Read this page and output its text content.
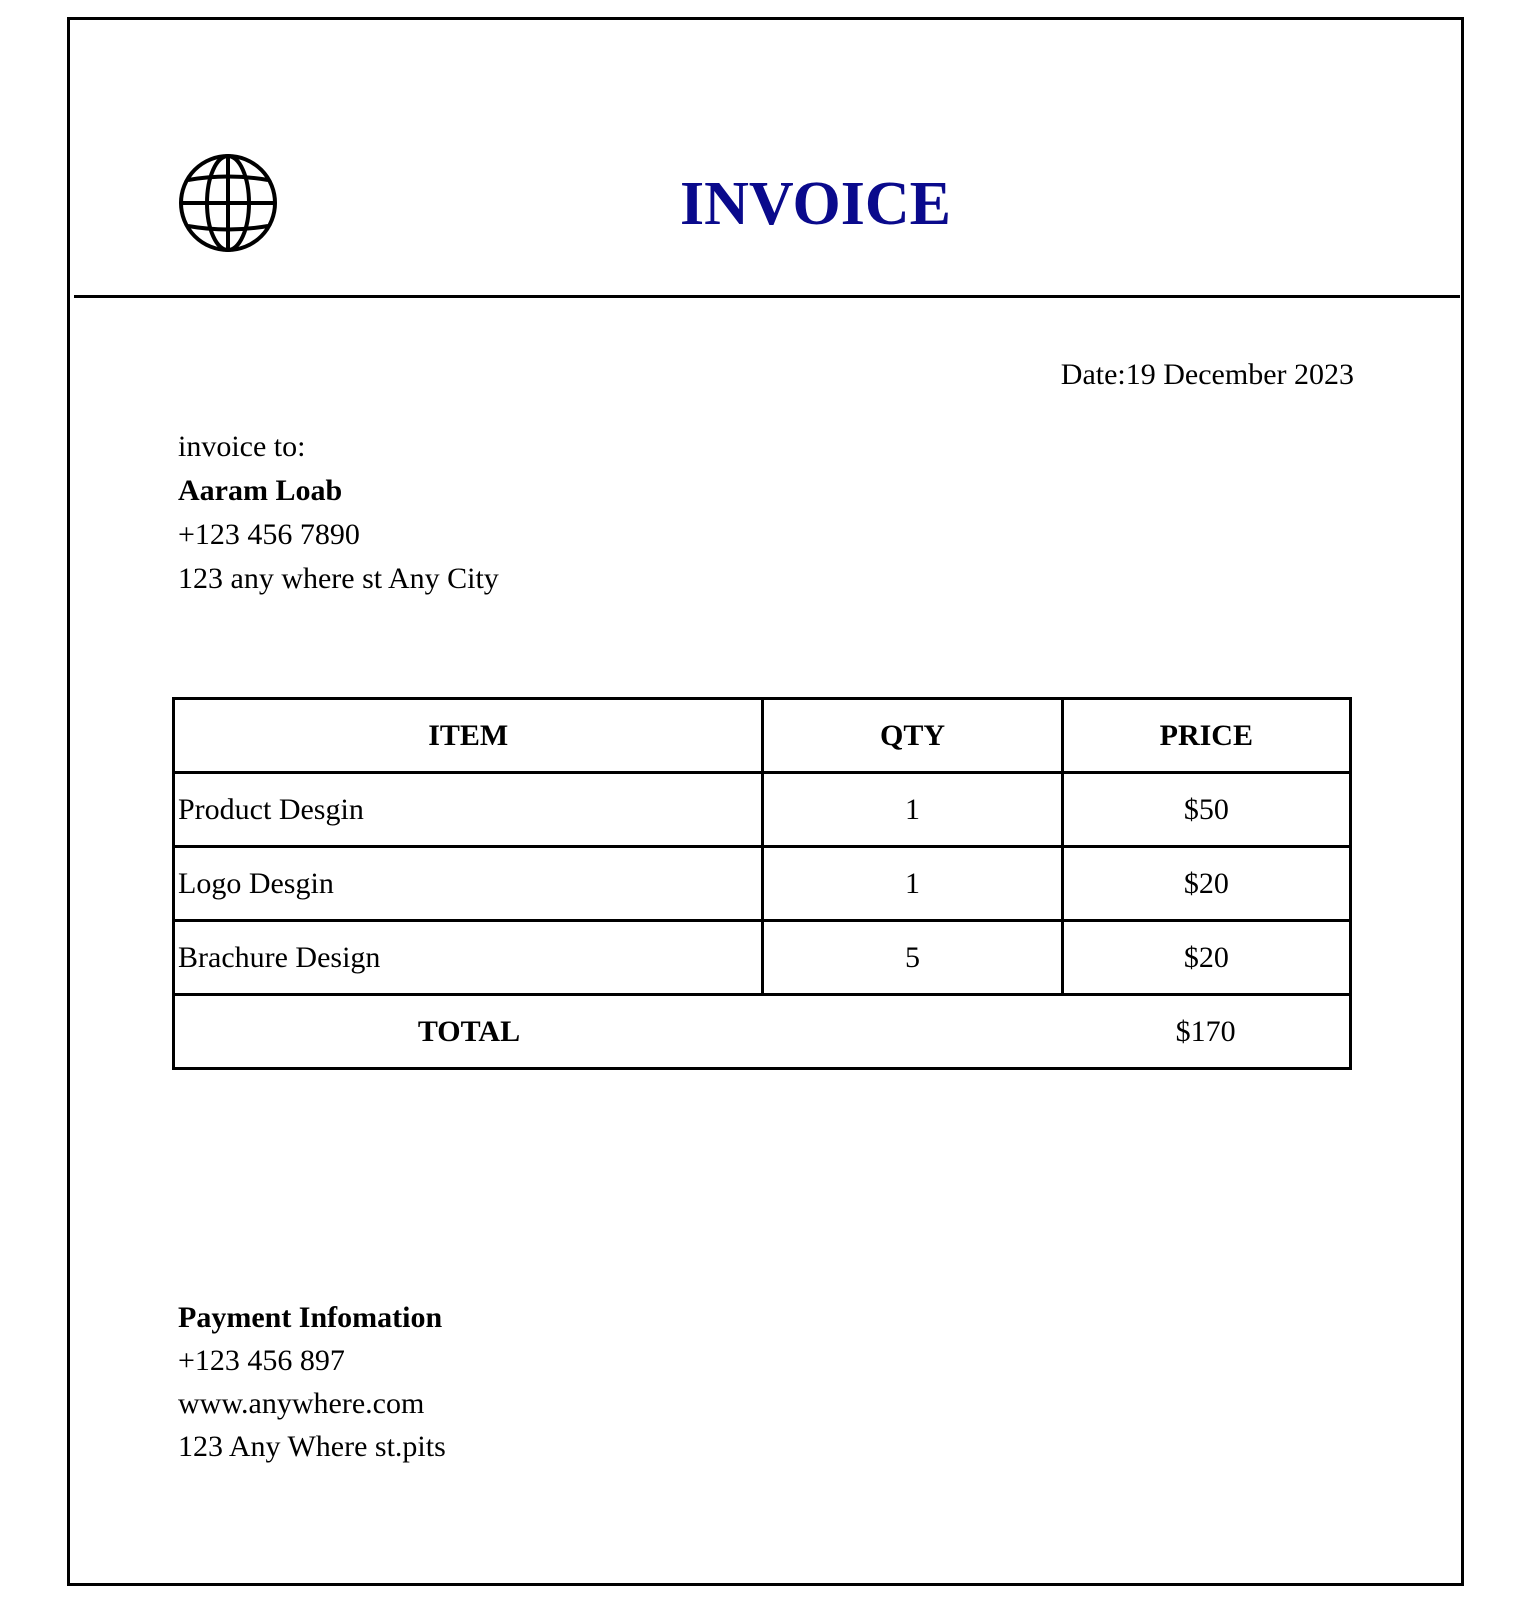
INVOICE
Date:19 December 2023
invoice to:
Aaram Loab
+123 456 7890
123 any where st Any City
ITEM	QTY	PRICE
Product Desgin	1	$50
Logo Desgin	1	$20
Brachure Design	5	$20
TOTAL		$170
Payment Infomation
+123 456 897
www.anywhere.com
123 Any Where st.pits
